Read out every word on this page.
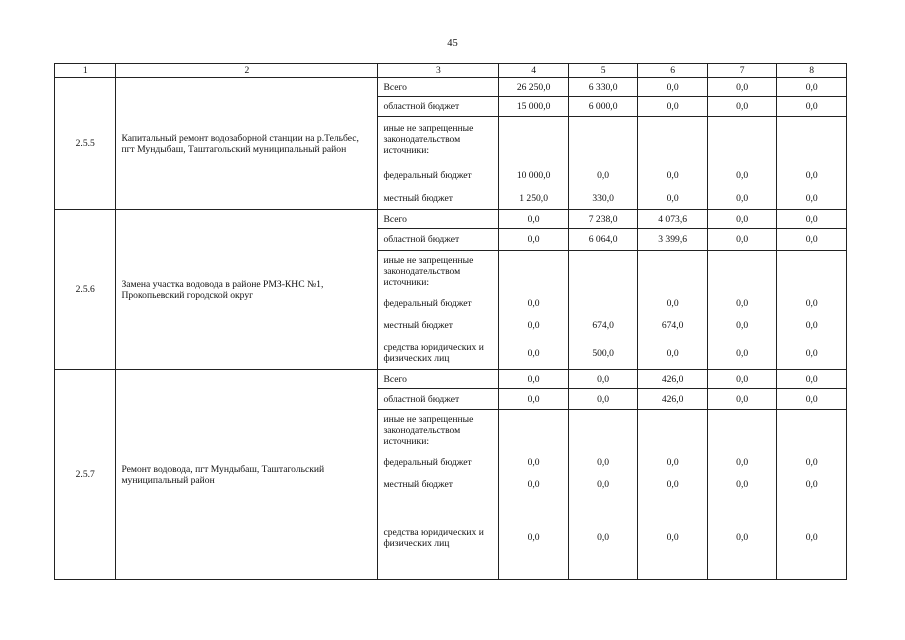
45
1	2	3	4	5	6	7	8
2.5.5	Капитальный ремонт водозаборной станции на р.Тельбес, пгт Мундыбаш, Таштагольский муниципальный район	Всего	26 250,0	6 330,0	0,0	0,0	0,0
		областной бюджет	15 000,0	6 000,0	0,0	0,0	0,0
		иные не запрещенные законодательством источники:					
		федеральный бюджет	10 000,0	0,0	0,0	0,0	0,0
		местный бюджет	1 250,0	330,0	0,0	0,0	0,0
2.5.6	Замена участка водовода в районе РМЗ-КНС №1, Прокопьевский городской округ	Всего	0,0	7 238,0	4 073,6	0,0	0,0
		областной бюджет	0,0	6 064,0	3 399,6	0,0	0,0
		иные не запрещенные законодательством источники:					
		федеральный бюджет	0,0		0,0	0,0	0,0
		местный бюджет	0,0	674,0	674,0	0,0	0,0
		средства юридических и физических лиц	0,0	500,0	0,0	0,0	0,0
2.5.7	Ремонт водовода, пгт Мундыбаш, Таштагольский муниципальный район	Всего	0,0	0,0	426,0	0,0	0,0
		областной бюджет	0,0	0,0	426,0	0,0	0,0
		иные не запрещенные законодательством источники:					
		федеральный бюджет	0,0	0,0	0,0	0,0	0,0
		местный бюджет	0,0	0,0	0,0	0,0	0,0
		средства юридических и физических лиц	0,0	0,0	0,0	0,0	0,0
